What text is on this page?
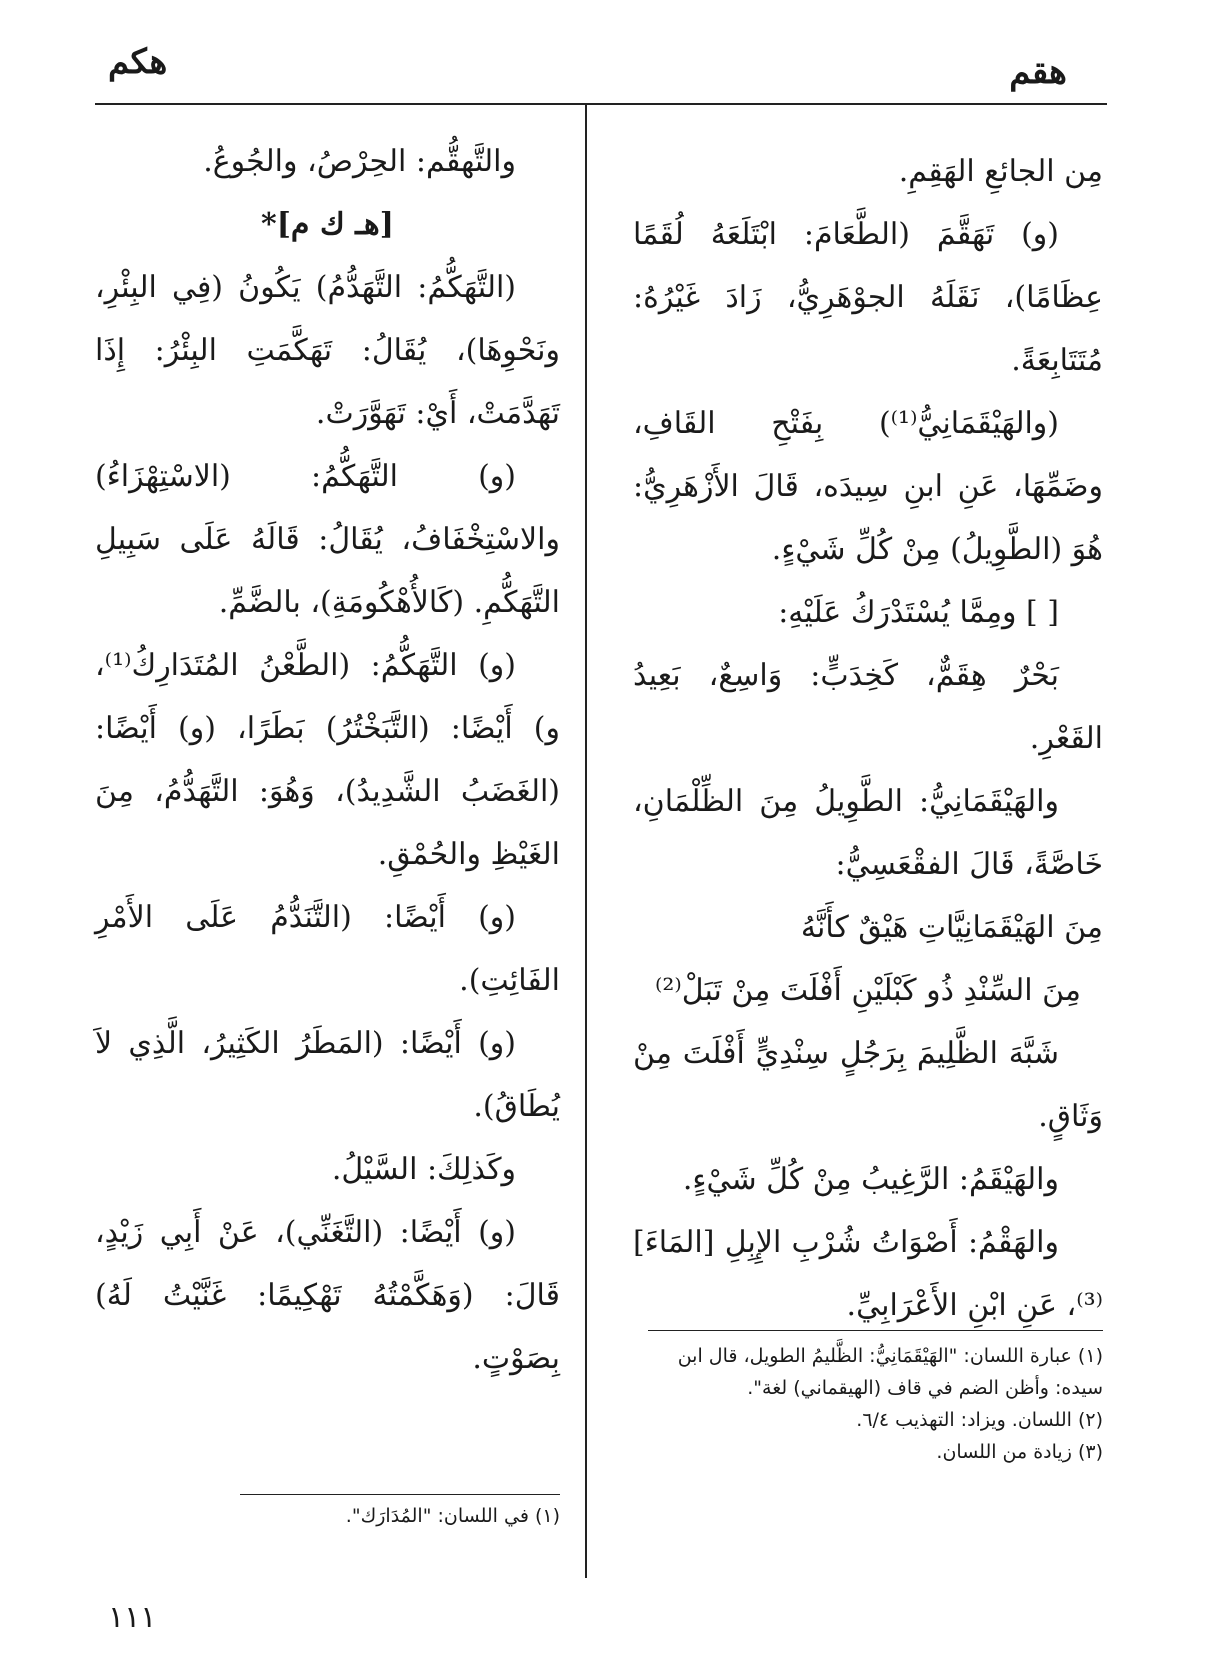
هقم
هكم

مِن الجائعِ الهَقِمِ.

(و) تَهَقَّمَ (الطَّعَامَ: ابْتَلَعَهُ لُقَمًا عِظَامًا)، نَقَلَهُ الجوْهَرِيُّ، زَادَ غَيْرُهُ: مُتَتَابِعَةً.

(والهَيْقَمَانِيُّ⁽¹⁾) بِفَتْحِ القَافِ، وضَمِّهَا، عَنِ ابنِ سِيدَه، قَالَ الأَزْهَرِيُّ: هُوَ (الطَّوِيلُ) مِنْ كُلِّ شَيْءٍ.

[ ] ومِمَّا يُسْتَدْرَكُ عَلَيْهِ:

بَحْرٌ هِقَمٌّ، كَخِدَبٍّ: وَاسِعٌ، بَعِيدُ القَعْرِ.

والهَيْقَمَانِيُّ: الطَّوِيلُ مِنَ الظِّلْمَانِ، خَاصَّةً، قَالَ الفقْعَسِيُّ:

مِنَ الهَيْقَمَانِيَّاتِ هَيْقٌ كأَنَّهُ

مِنَ السِّنْدِ ذُو كَبْلَيْنِ أَفْلَتَ مِنْ تَبَلْ⁽²⁾

شَبَّهَ الظَّلِيمَ بِرَجُلٍ سِنْدِيٍّ أَفْلَتَ مِنْ وَثَاقٍ.

والهَيْقَمُ: الرَّغِيبُ مِنْ كُلِّ شَيْءٍ.

والهَقْمُ: أَصْوَاتُ شُرْبِ الإِبِلِ [المَاءَ]⁽³⁾، عَنِ ابْنِ الأَعْرَابِيِّ.

والتَّهقُّم: الحِرْصُ، والجُوعُ.

[هـ ك م]*

(التَّهَكُّمُ: التَّهَدُّمُ) يَكُونُ (فِي البِئْرِ، ونَحْوِهَا)، يُقَالُ: تَهَكَّمَتِ البِئْرُ: إِذَا تَهَدَّمَتْ، أَيْ: تَهَوَّرَتْ.

(و) التَّهَكُّمُ: (الاسْتِهْزَاءُ) والاسْتِخْفَافُ، يُقَالُ: قَالَهُ عَلَى سَبِيلِ التَّهَكُّمِ. (كَالأُهْكُومَةِ)، بالضَّمِّ.

(و) التَّهَكُّمُ: (الطَّعْنُ المُتَدَارِكُ⁽¹⁾، و) أَيْضًا: (التَّبَخْتُرُ) بَطَرًا، (و) أَيْضًا: (الغَضَبُ الشَّدِيدُ)، وَهُوَ: التَّهَدُّمُ، مِنَ الغَيْظِ والحُمْقِ.

(و) أَيْضًا: (التَّنَدُّمُ عَلَى الأَمْرِ الفَائِتِ).

(و) أَيْضًا: (المَطَرُ الكَثِيرُ، الَّذِي لاَ يُطَاقُ).

وكَذلِكَ: السَّيْلُ.

(و) أَيْضًا: (التَّغَنِّي)، عَنْ أَبِي زَيْدٍ، قَالَ: (وَهَكَّمْتُهُ تَهْكِيمًا: غَنَّيْتُ لَهُ) بِصَوْتٍ.	(١) عبارة اللسان: "الهَيْقَمَانِيُّ: الظَّليمُ الطويل، قال ابن سيده: وأظن الضم في قاف (الهيقماني) لغة".

(٢) اللسان. ويزاد: التهذيب ٦/٤.

(٣) زيادة من اللسان.

(١) في اللسان: "المُدَارَك".

١١١
